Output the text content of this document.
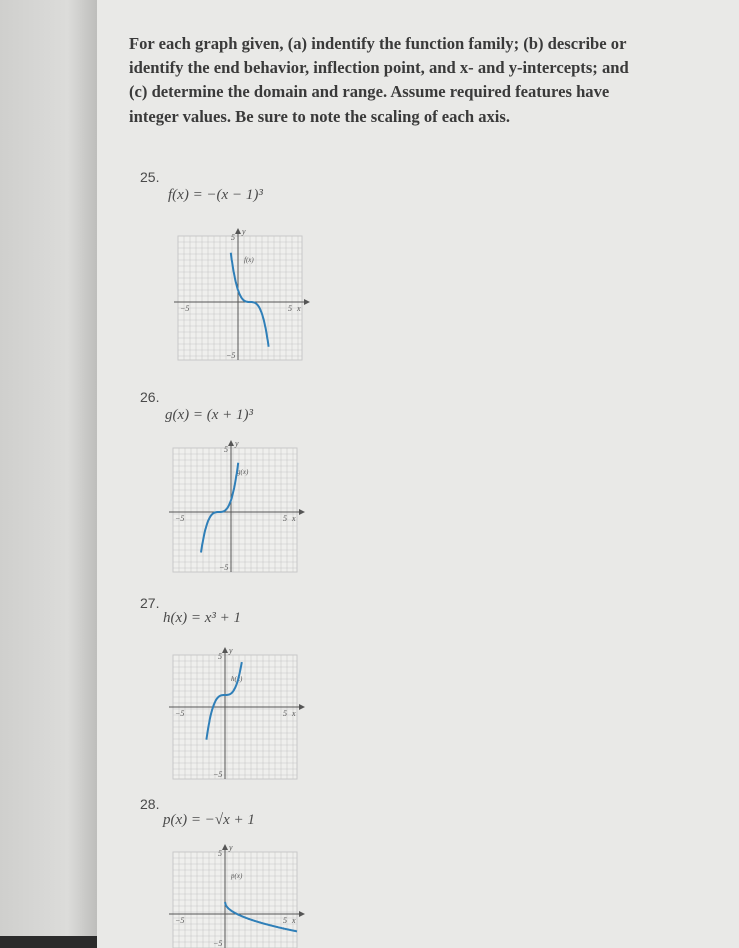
For each graph given, (a) indentify the function family; (b) describe or identify the end behavior, inflection point, and x- and y-intercepts; and (c) determine the domain and range. Assume required features have integer values. Be sure to note the scaling of each axis.
25.
f(x) = −(x − 1)³
5
−5
−5	5 x
y
f(x)
26.
g(x) = (x + 1)³
5
−5
−5	5 x
y
g(x)
27.
h(x) = x³ + 1
5
−5
−5	5 x
y
h(x)
28.
p(x) = −√x + 1
5
−5
−5	5 x
y
p(x)
